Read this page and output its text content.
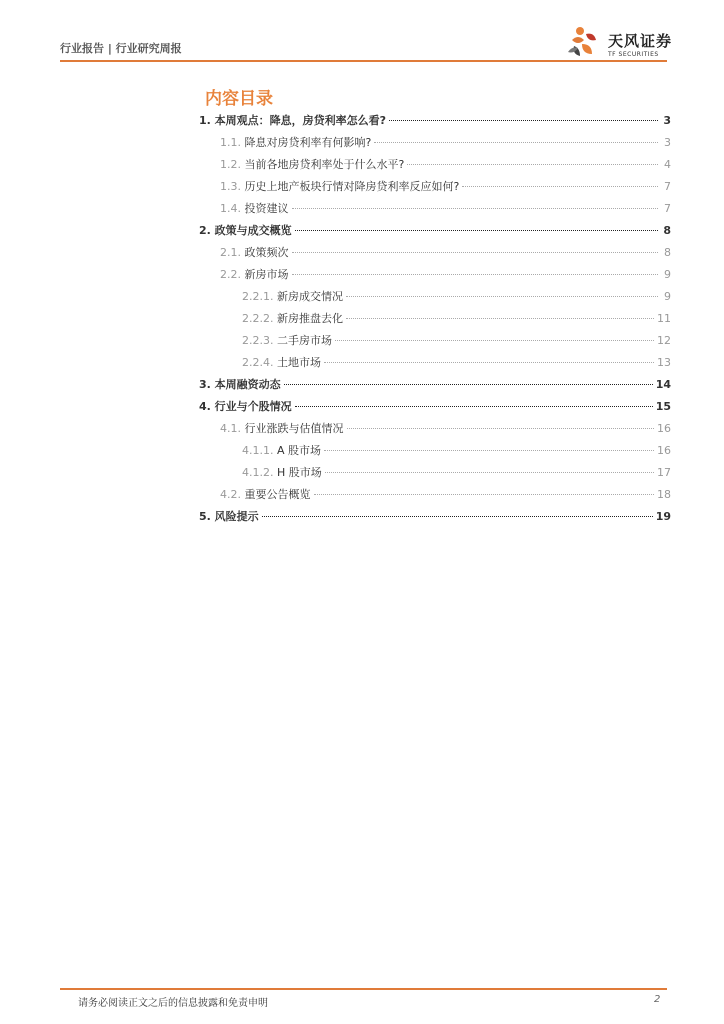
行业报告 | 行业研究周报	天风证券
TF SECURITIES
内容目录
1. 本周观点：降息，房贷利率怎么看?	3
1.1. 降息对房贷利率有何影响?	3
1.2. 当前各地房贷利率处于什么水平?	4
1.3. 历史上地产板块行情对降房贷利率反应如何?	7
1.4. 投资建议	7
2. 政策与成交概览	8
2.1. 政策频次	8
2.2. 新房市场	9
2.2.1. 新房成交情况	9
2.2.2. 新房推盘去化	11
2.2.3. 二手房市场	12
2.2.4. 土地市场	13
3. 本周融资动态	14
4. 行业与个股情况	15
4.1. 行业涨跌与估值情况	16
4.1.1. A 股市场	16
4.1.2. H 股市场	17
4.2. 重要公告概览	18
5. 风险提示	19
请务必阅读正文之后的信息披露和免责申明	2
